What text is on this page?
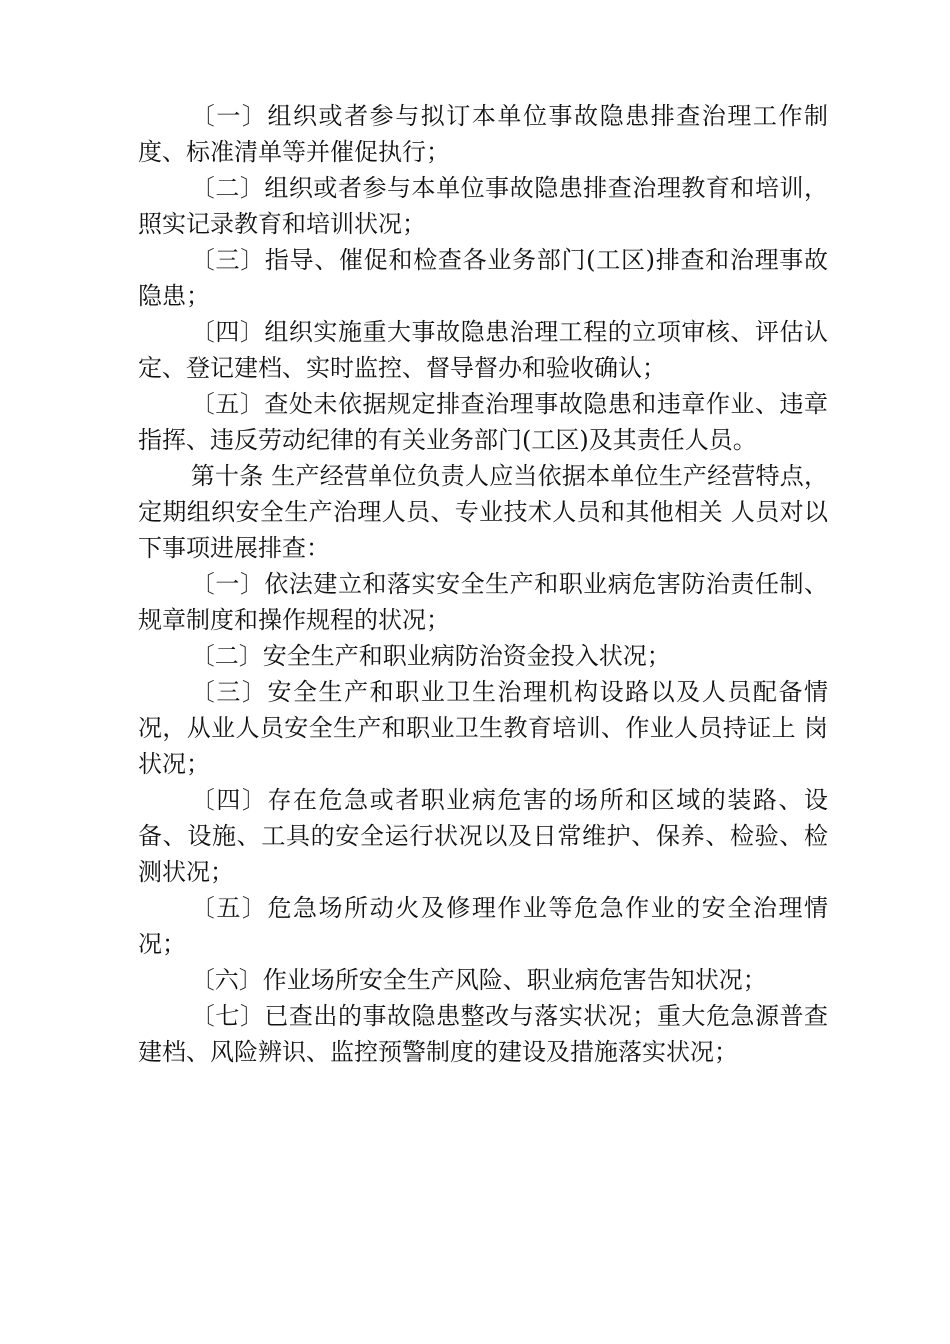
〔一〕组织或者参与拟订本单位事故隐患排查治理工作制度、标准清单等并催促执行；

〔二〕组织或者参与本单位事故隐患排查治理教育和培训，照实记录教育和培训状况；

〔三〕指导、催促和检查各业务部门(工区)排查和治理事故隐患；

〔四〕组织实施重大事故隐患治理工程的立项审核、评估认定、登记建档、实时监控、督导督办和验收确认；

〔五〕查处未依据规定排查治理事故隐患和违章作业、违章指挥、违反劳动纪律的有关业务部门(工区)及其责任人员。

第十条 生产经营单位负责人应当依据本单位生产经营特点，定期组织安全生产治理人员、专业技术人员和其他相关 人员对以下事项进展排查：

〔一〕依法建立和落实安全生产和职业病危害防治责任制、规章制度和操作规程的状况；

〔二〕安全生产和职业病防治资金投入状况；

〔三〕安全生产和职业卫生治理机构设路以及人员配备情况，从业人员安全生产和职业卫生教育培训、作业人员持证上 岗状况；

〔四〕存在危急或者职业病危害的场所和区域的装路、设备、设施、工具的安全运行状况以及日常维护、保养、检验、检测状况；

〔五〕危急场所动火及修理作业等危急作业的安全治理情况；

〔六〕作业场所安全生产风险、职业病危害告知状况；

〔七〕已查出的事故隐患整改与落实状况；重大危急源普查建档、风险辨识、监控预警制度的建设及措施落实状况；
